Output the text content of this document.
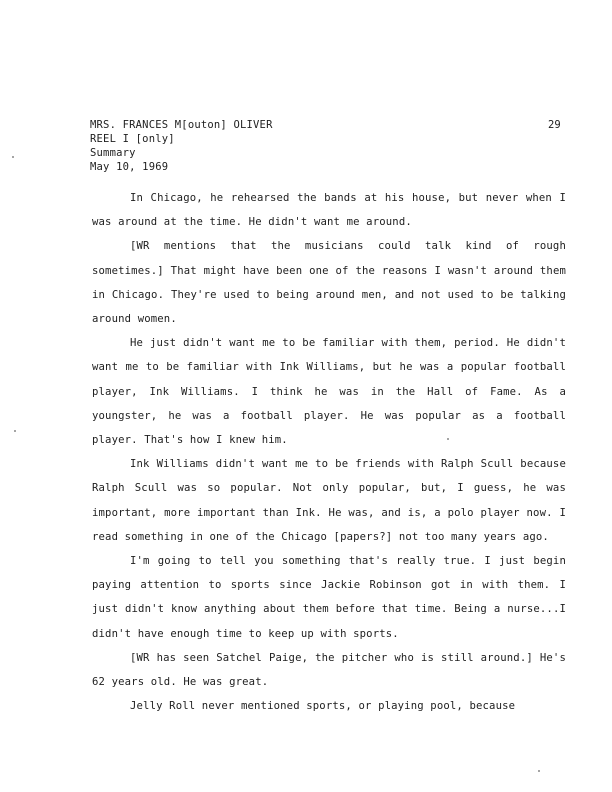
MRS. FRANCES M[outon] OLIVER
REEL I [only]
Summary
May 10, 1969
29

In Chicago, he rehearsed the bands at his house, but never when I was around at the time. He didn't want me around.

[WR mentions that the musicians could talk kind of rough sometimes.] That might have been one of the reasons I wasn't around them in Chicago. They're used to being around men, and not used to be talking around women.

He just didn't want me to be familiar with them, period. He didn't want me to be familiar with Ink Williams, but he was a popular football player, Ink Williams. I think he was in the Hall of Fame. As a youngster, he was a football player. He was popular as a football player. That's how I knew him.

Ink Williams didn't want me to be friends with Ralph Scull because Ralph Scull was so popular. Not only popular, but, I guess, he was important, more important than Ink. He was, and is, a polo player now. I read something in one of the Chicago [papers?] not too many years ago.

I'm going to tell you something that's really true. I just begin paying attention to sports since Jackie Robinson got in with them. I just didn't know anything about them before that time. Being a nurse...I didn't have enough time to keep up with sports.

[WR has seen Satchel Paige, the pitcher who is still around.] He's 62 years old. He was great.

Jelly Roll never mentioned sports, or playing pool, because
